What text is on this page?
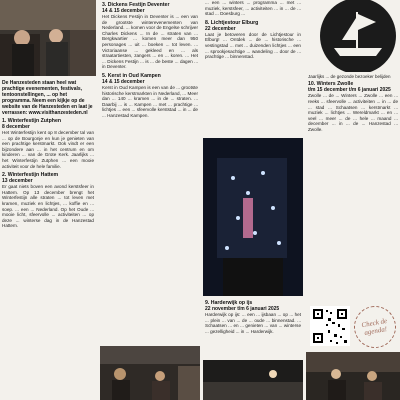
De Hanzesteden staan heel wat prachtige evenementen, festivals, tentoonstellingen, ... op het programma. Neem een kijkje op de website van de Hanzesteden en laat je verrassen: www.visithanzesteden.nl
1. Winterfestijn Zutphen
8 december
Het Winterfestijn kent op 8 december tal van ... op de Bourgonje en kun je genieten van een prachtige kerstmarkt. Ook vindt er een bijzondere aan ... in het centrum en om kinderen ... van de Grote Kerk. Jaarlijks ... het Winterfestijn Zutphen ... een mooie activiteit voor de hele familie.
2. Winterfestijn Hattem
13 december
Er gaat niets boven een avond kerstsfeer in Hattem. Op 13 december brengt het Winterfestijn alle straten ... tot leven met kramen, muziek en lichtjes, ... koffie en ... soep. ... een ... Nederland. Op het Oude ... mooie licht, sfeervolle ... activiteiten ... op deze ... winterse dag in de Hanzestad Hattem.
3. Dickens Festijn Deventer
14 & 15 december
Het Dickens Festijn in Deventer is ... een van de grootste winterevenementen van Nederland. ... komen voor de Engelse schrijver Charles Dickens ... In de ... straten van ... Bergkwartier ... komen meer dan 950 personages ... uit ... boeken ... tot leven. ... Victoriaanse ... gekleed en ... als straatartiesten, zangers ... en ... koren. ... Het ... Dickens Festijn ... is ... de beste ... dagen ... in Deventer.
5. Kerst in Oud Kampen
14 & 15 december
Kerst in Oud Kampen is een van de ... grootste historische kerstmarkten in Nederland, ... Meer dan ... 140 ... kramen ... in de ... straten. ... Daarbij ... is ... Kampen ... met ... prachtige ... lichtjes ... een ... sfeervolle kerststad ... in ... de ... Hanzestad Kampen.
... een ... winters ... programma ... met ... muziek, kerstsfeer, ... activiteiten ... in ... de ... stad ... Doesburg ...
8. Lichtjestour Elburg
22 december
Laat je betoveren door de Lichtjestour in Elburg! ... Ontdek ... de ... historische ... vestingstad ... met ... duizenden lichtjes ... een ... sprookjesachtige ... wandeling ... door de ... prachtige ... binnenstad.
9. Harderwijk op ijs
22 november t/m 6 januari 2025
Harderwijk op ijs: ... een ... ijsbaan ... op ... het ... plein ... van ... de ... oude ... binnenstad. ... Schaatsen ... en ... genieten ... van ... winterse ... gezelligheid ... in ... Harderwijk.
Jaarlijks ... de gezonde bezoeker belijden
10. Winters Zwolle
t/m 15 december t/m 6 januari 2025
Zwolle ... de ... Winters ... Zwolle ... een ... reeks ... sfeervolle ... activiteiten ... in ... de ... stad ... Schaatsen ... kerstmarkt ... muziek ... lichtjes ... Wereldmarkt ... en ... veel ... meer ... de ... hele ... maand ... december ... in ... de ... Hanzestad ... Zwolle.
Check de agenda!
